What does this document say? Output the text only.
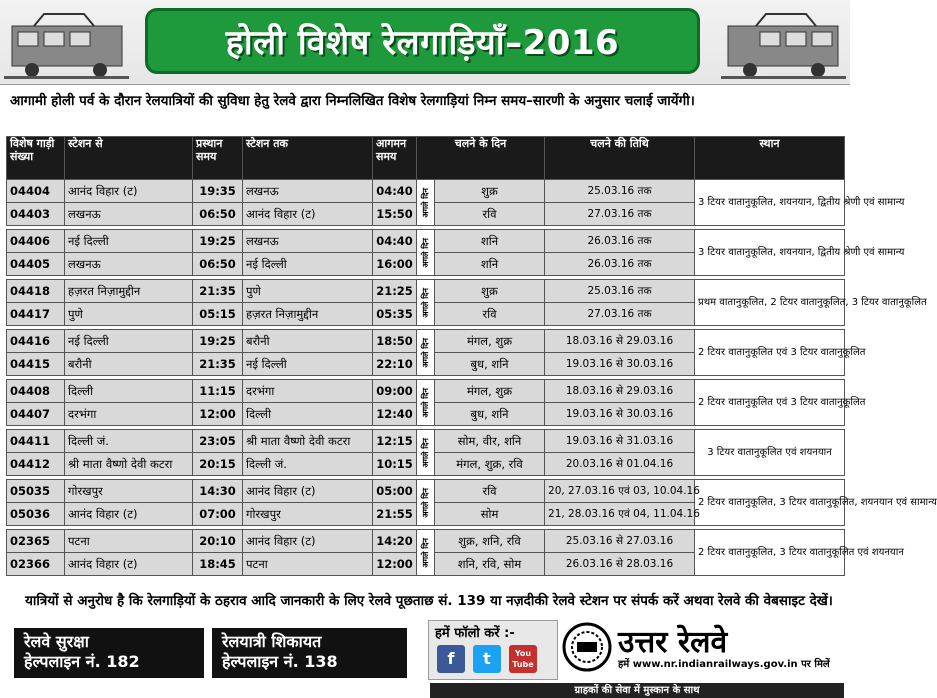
होली विशेष रेलगाड़ियाँ–2016
आगामी होली पर्व के दौरान रेलयात्रियों की सुविधा हेतु रेलवे द्वारा निम्नलिखित विशेष रेलगाड़ियां निम्न समय–सारणी के अनुसार चलाई जायेंगी।
विशेष गाड़ी संख्या	स्टेशन से	प्रस्थान समय	स्टेशन तक	आगमन समय	चलने के दिन		चलने की तिथि	स्थान
04404	आनंद विहार (ट)	19:35	लखनऊ	04:40	अगले दिन	शुक्र	25.03.16 तक	3 टियर वातानुकूलित, शयनयान, द्वितीय श्रेणी एवं सामान्य
04403	लखनऊ	06:50	आनंद विहार (ट)	15:50		रवि	27.03.16 तक	

04406	नई दिल्ली	19:25	लखनऊ	04:40	अगले दिन	शनि	26.03.16 तक	3 टियर वातानुकूलित, शयनयान, द्वितीय श्रेणी एवं सामान्य
04405	लखनऊ	06:50	नई दिल्ली	16:00		शनि	26.03.16 तक	

04418	हज़रत निज़ामुद्दीन	21:35	पुणे	21:25	अगले दिन	शुक्र	25.03.16 तक	प्रथम वातानुकूलित, 2 टियर वातानुकूलित, 3 टियर वातानुकूलित
04417	पुणे	05:15	हज़रत निज़ामुद्दीन	05:35		रवि	27.03.16 तक	

04416	नई दिल्ली	19:25	बरौनी	18:50	अगले दिन	मंगल, शुक्र	18.03.16 से 29.03.16	2 टियर वातानुकूलित एवं 3 टियर वातानुकूलित
04415	बरौनी	21:35	नई दिल्ली	22:10		बुध, शनि	19.03.16 से 30.03.16	

04408	दिल्ली	11:15	दरभंगा	09:00	अगले दिन	मंगल, शुक्र	18.03.16 से 29.03.16	2 टियर वातानुकूलित एवं 3 टियर वातानुकूलित
04407	दरभंगा	12:00	दिल्ली	12:40		बुध, शनि	19.03.16 से 30.03.16	

04411	दिल्ली जं.	23:05	श्री माता वैष्णो देवी कटरा	12:15	अगले दिन	सोम, वीर, शनि	19.03.16 से 31.03.16	3 टियर वातानुकूलित एवं शयनयान
04412	श्री माता वैष्णो देवी कटरा	20:15	दिल्ली जं.	10:15		मंगल, शुक्र, रवि	20.03.16 से 01.04.16	

05035	गोरखपुर	14:30	आनंद विहार (ट)	05:00	अगले दिन	रवि	20, 27.03.16 एवं 03, 10.04.16	2 टियर वातानुकूलित, 3 टियर वातानुकूलित, शयनयान एवं सामान्य
05036	आनंद विहार (ट)	07:00	गोरखपुर	21:55		सोम	21, 28.03.16 एवं 04, 11.04.16	

02365	पटना	20:10	आनंद विहार (ट)	14:20	अगले दिन	शुक्र, शनि, रवि	25.03.16 से 27.03.16	2 टियर वातानुकूलित, 3 टियर वातानुकूलित एवं शयनयान
02366	आनंद विहार (ट)	18:45	पटना	12:00		शनि, रवि, सोम	26.03.16 से 28.03.16	
यात्रियों से अनुरोध है कि रेलगाड़ियों के ठहराव आदि जानकारी के लिए रेलवे पूछताछ सं. 139 या नज़दीकी रेलवे स्टेशन पर संपर्क करें अथवा रेलवे की वेबसाइट देखें।
रेलवे सुरक्षा
हेल्पलाइन नं. 182
रेलयात्री शिकायत
हेल्पलाइन नं. 138
हमें फॉलो करें :-
f	t	You Tube
उत्तर रेलवे
हमें www.nr.indianrailways.gov.in पर मिलें
ग्राहकों की सेवा में मुस्कान के साथ
